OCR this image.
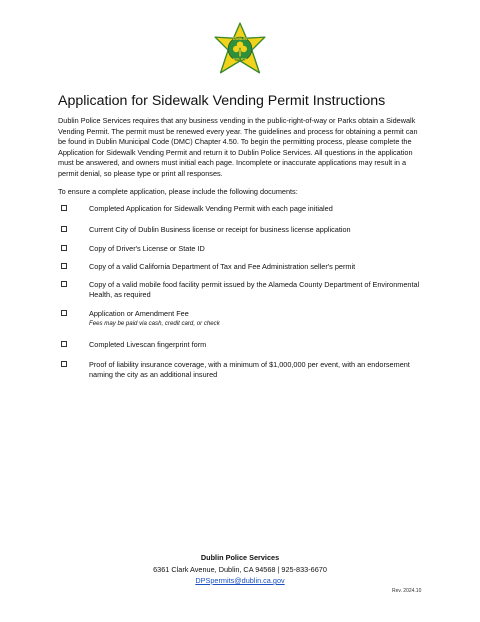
DUBLIN
POLICE
Application for Sidewalk Vending Permit Instructions

Dublin Police Services requires that any business vending in the public-right-of-way or Parks obtain a Sidewalk Vending Permit. The permit must be renewed every year. The guidelines and process for obtaining a permit can be found in Dublin Municipal Code (DMC) Chapter 4.50. To begin the permitting process, please complete the Application for Sidewalk Vending Permit and return it to Dublin Police Services. All questions in the application must be answered, and owners must initial each page. Incomplete or inaccurate applications may result in a permit denial, so please type or print all responses.

To ensure a complete application, please include the following documents:

Completed Application for Sidewalk Vending Permit with each page initialed
Current City of Dublin Business license or receipt for business license application
Copy of Driver's License or State ID
Copy of a valid California Department of Tax and Fee Administration seller's permit
Copy of a valid mobile food facility permit issued by the Alameda County Department of Environmental Health, as required
Application or Amendment Fee
Fees may be paid via cash, credit card, or check
Completed Livescan fingerprint form
Proof of liability insurance coverage, with a minimum of $1,000,000 per event, with an endorsement naming the city as an additional insured
Dublin Police Services
6361 Clark Avenue, Dublin, CA 94568 | 925-833-6670
DPSpermits@dublin.ca.gov
Rev. 2024.10
